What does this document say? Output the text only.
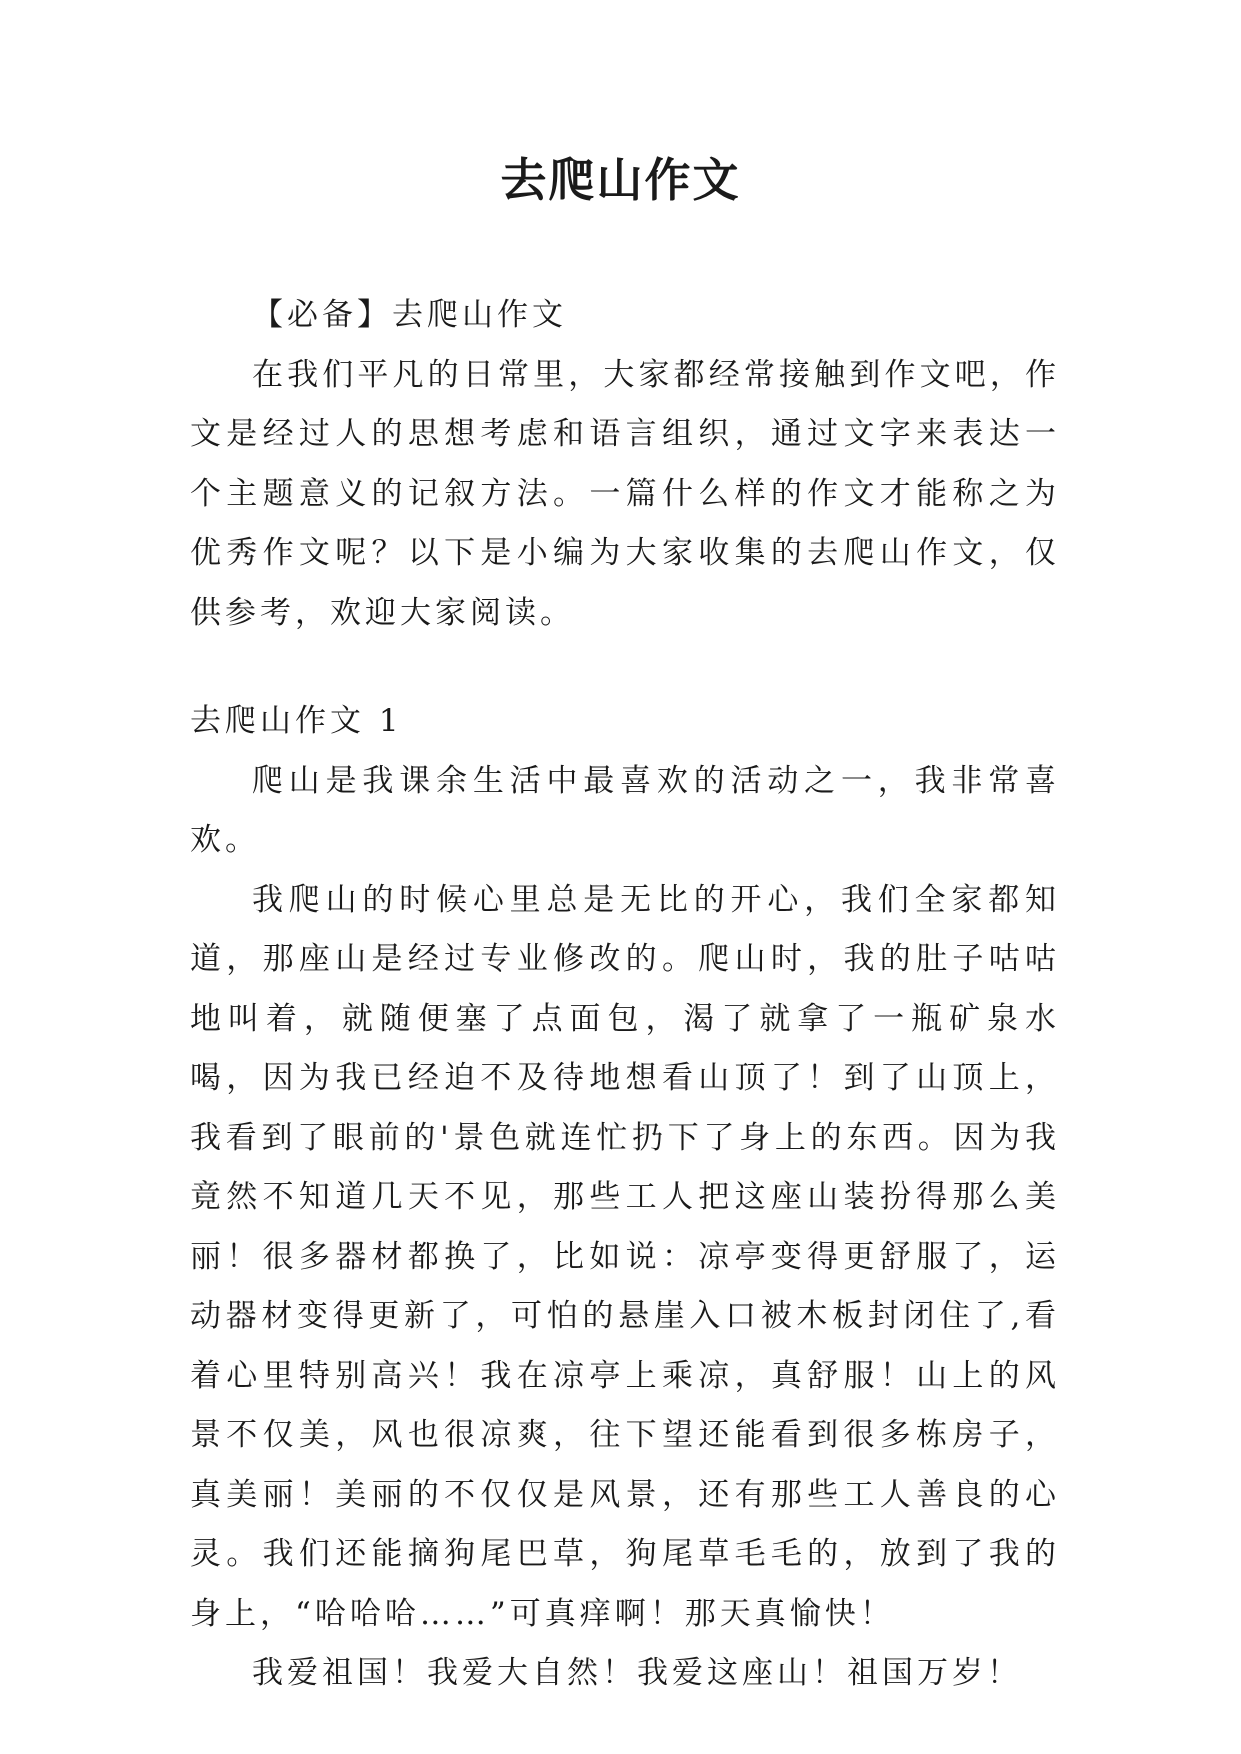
去爬山作文

【必备】去爬山作文

在我们平凡的日常里，大家都经常接触到作文吧，作文是经过人的思想考虑和语言组织，通过文字来表达一个主题意义的记叙方法。一篇什么样的作文才能称之为优秀作文呢？以下是小编为大家收集的去爬山作文，仅供参考，欢迎大家阅读。

去爬山作文 1

爬山是我课余生活中最喜欢的活动之一，我非常喜欢。

我爬山的时候心里总是无比的开心，我们全家都知道，那座山是经过专业修改的。爬山时，我的肚子咕咕地叫着，就随便塞了点面包，渴了就拿了一瓶矿泉水喝，因为我已经迫不及待地想看山顶了！到了山顶上，我看到了眼前的'景色就连忙扔下了身上的东西。因为我竟然不知道几天不见，那些工人把这座山装扮得那么美丽！很多器材都换了，比如说：凉亭变得更舒服了，运动器材变得更新了，可怕的悬崖入口被木板封闭住了,看着心里特别高兴！我在凉亭上乘凉，真舒服！山上的风景不仅美，风也很凉爽，往下望还能看到很多栋房子，真美丽！美丽的不仅仅是风景，还有那些工人善良的心灵。我们还能摘狗尾巴草，狗尾草毛毛的，放到了我的身上，“哈哈哈……”可真痒啊！那天真愉快！

我爱祖国！我爱大自然！我爱这座山！祖国万岁！
